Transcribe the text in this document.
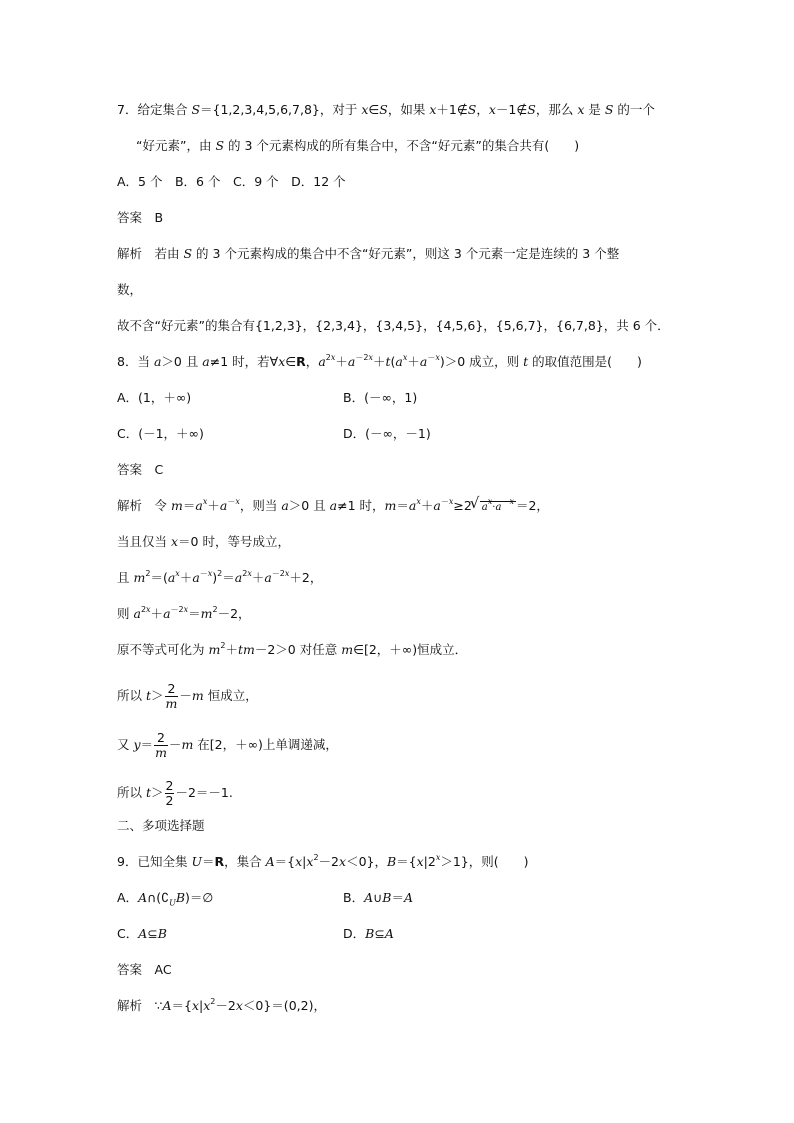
7．给定集合 S＝{1,2,3,4,5,6,7,8}，对于 x∈S，如果 x＋1∉S，x－1∉S，那么 x 是 S 的一个
“好元素”，由 S 的 3 个元素构成的所有集合中，不含“好元素”的集合共有(　　)
A．5 个　B．6 个　C．9 个　D．12 个
答案　 B
解析　若由 S 的 3 个元素构成的集合中不含“好元素”，则这 3 个元素一定是连续的 3 个整
数，
故不含“好元素”的集合有{1,2,3}，{2,3,4}，{3,4,5}，{4,5,6}，{5,6,7}，{6,7,8}，共 6 个．
8．当 a＞0 且 a≠1 时，若∀x∈R，$a^{2x}+a^{-2x}+t(a^x+a^{-x})>0$ 成立，则 t 的取值范围是(　　)
A．(1，＋∞)	B．(－∞，1)
C．(－1，＋∞)	D．(－∞，－1)
答案　 C
解析　令 $m=a^x+a^{-x}$，则当 a＞0 且 a≠1 时，$m=a^x+a^{-x}\ge 2√$ $a^x\cdot a^{-x} =2$，
当且仅当 x＝0 时，等号成立，
且 $m^2=(a^x+a^{-x})^2=a^{2x}+a^{-2x}+2$，
则 $a^{2x}+a^{-2x}=m^2-2$，
原不等式可化为 $m^2+tm-2>0$ 对任意 m∈[2，＋∞)恒成立．
所以 $t> \frac{2}{m} -m$ 恒成立，
又 $y= \frac{2}{m} -m$ 在[2，＋∞)上单调递减，
所以 $t> \frac{2}{2} -2=-1$.
二、多项选择题
9．已知全集 U＝R，集合 $A=\{x|x^2-2x<0\}$，$B=\{x|2^x>1\}$，则(　　)
A．$A\cap(∁_UB)=\emptyset$	B．A∪B＝A
C．A⊆B	D．B⊆A
答案　 AC
解析　$\because A=\{x|x^2-2x<0\}=(0,2)$，
